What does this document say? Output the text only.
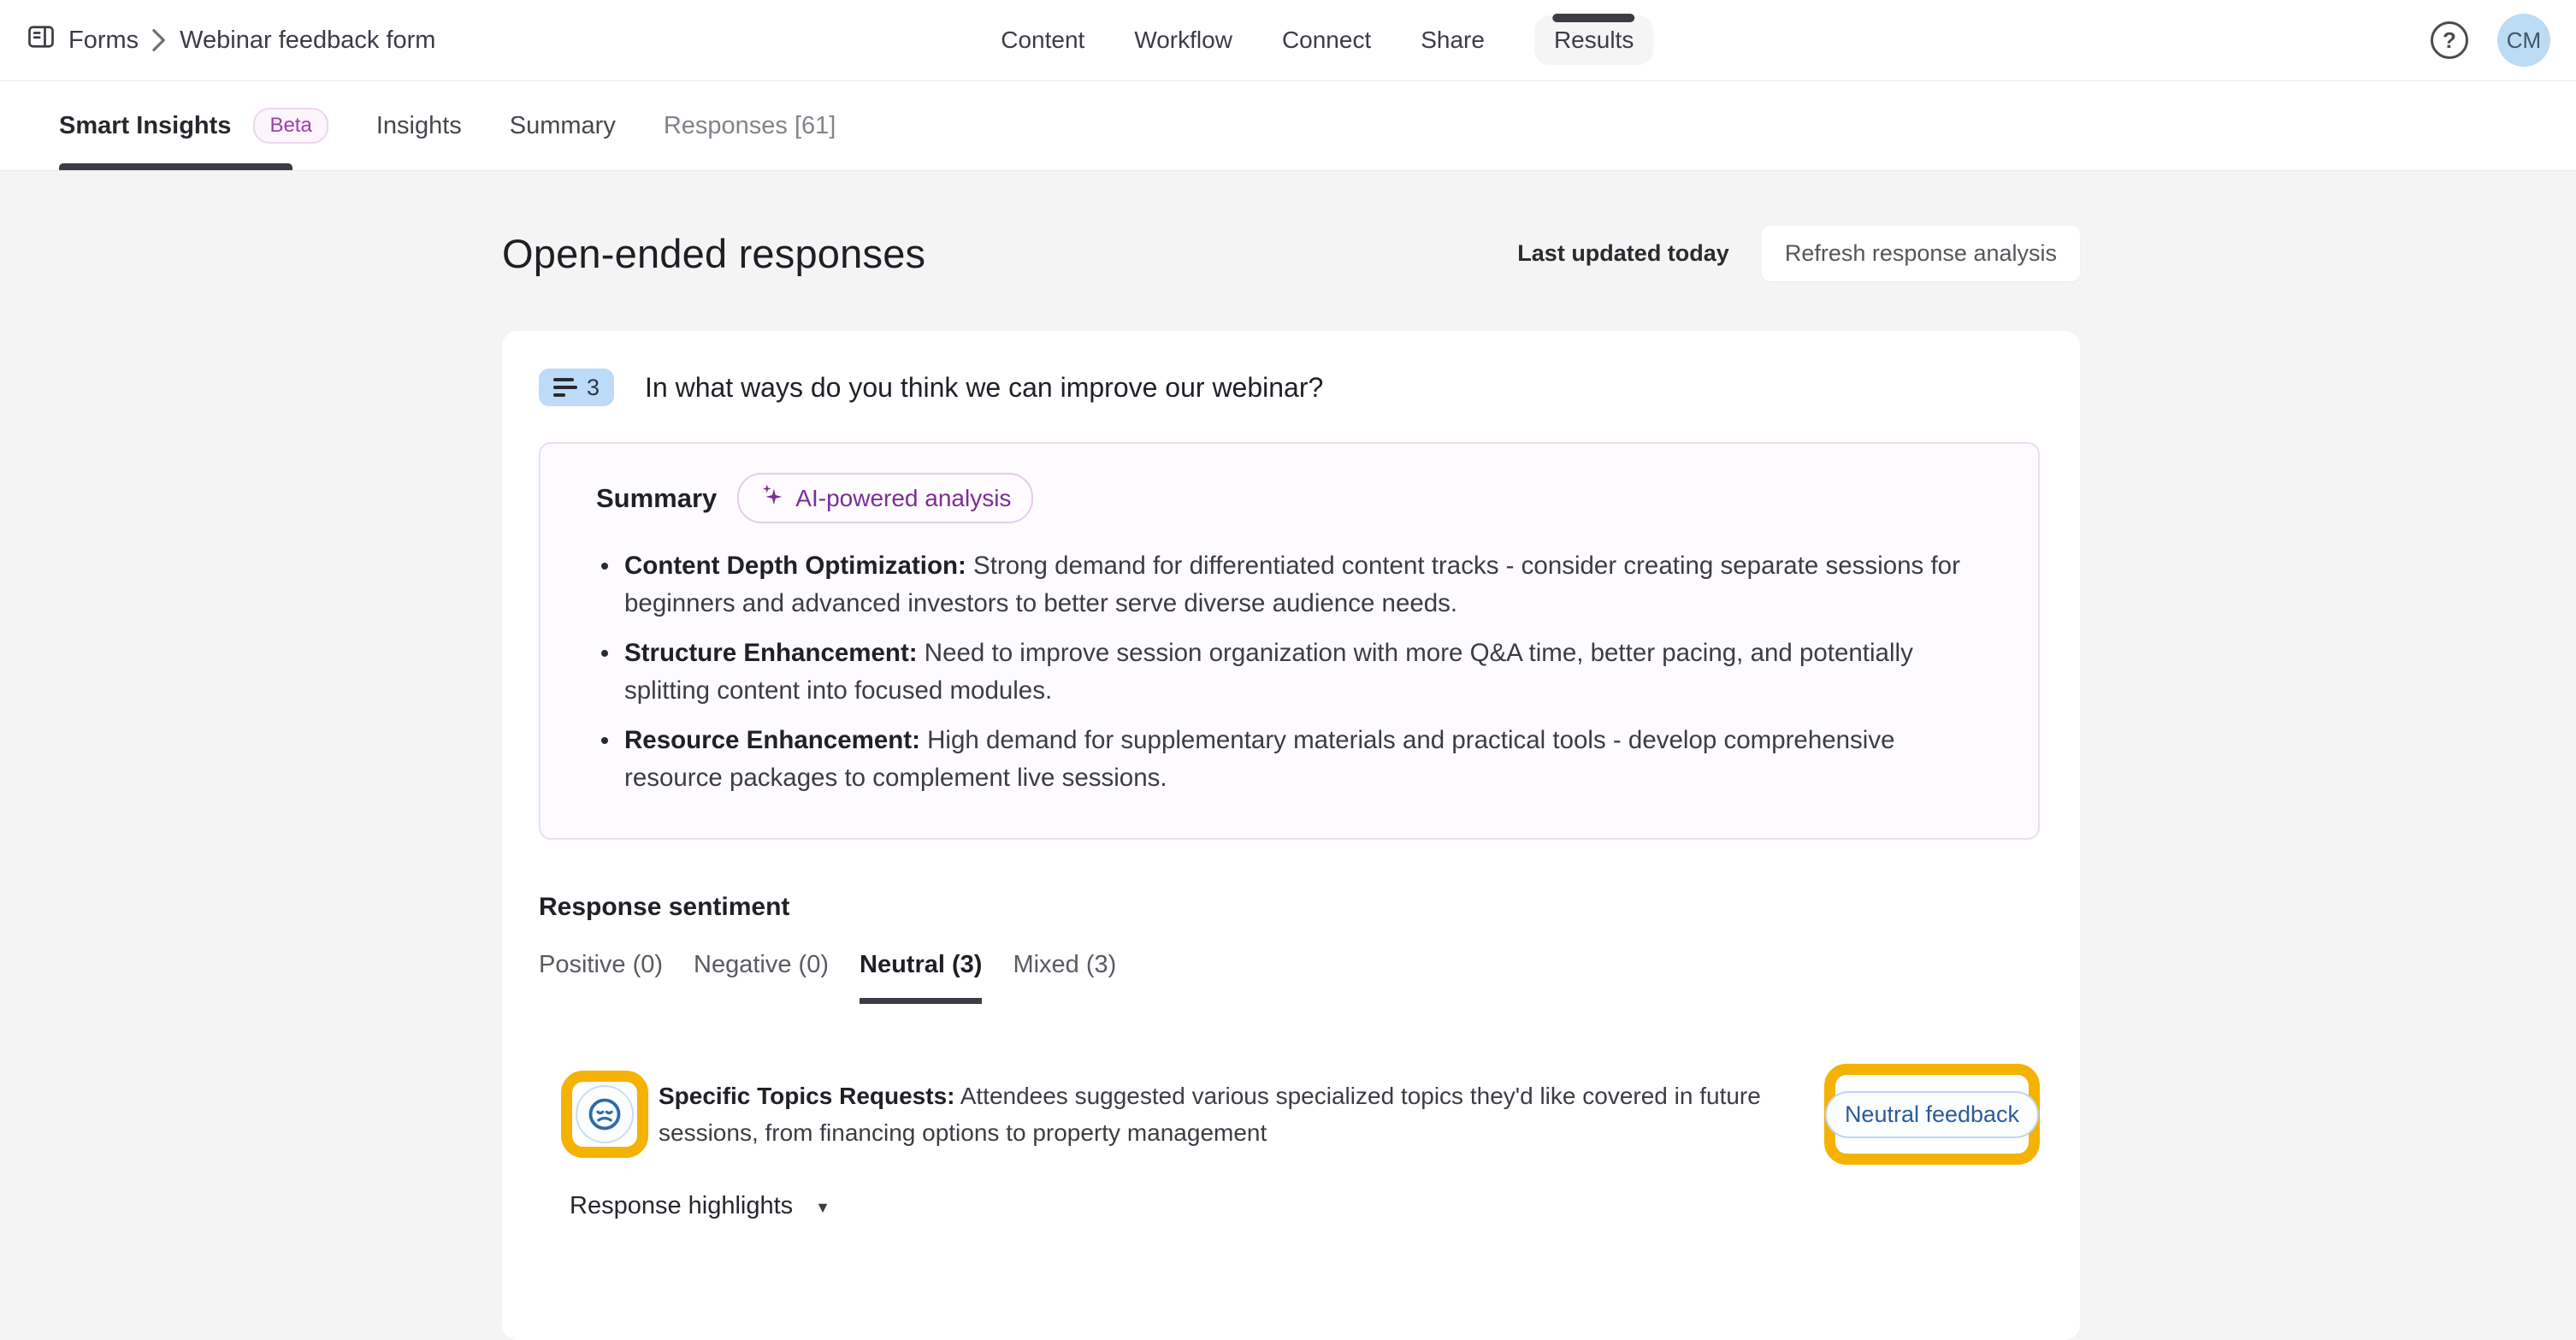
Forms Webinar feedback form	Content Workflow Connect Share	Results	?	CM
Smart Insights	Beta	Insights Summary Responses [61]
Open-ended responses	Last updated today	Refresh response analysis
3 In what ways do you think we can improve our webinar?
Summary	AI-powered analysis
Content Depth Optimization: Strong demand for differentiated content tracks - consider creating separate sessions for beginners and advanced investors to better serve diverse audience needs.
Structure Enhancement: Need to improve session organization with more Q&A time, better pacing, and potentially splitting content into focused modules.
Resource Enhancement: High demand for supplementary materials and practical tools - develop comprehensive resource packages to complement live sessions.
Response sentiment
Positive (0) Negative (0) Neutral (3) Mixed (3)
Specific Topics Requests: Attendees suggested various specialized topics they'd like covered in future sessions, from financing options to property management
Neutral feedback
Response highlights ▼
